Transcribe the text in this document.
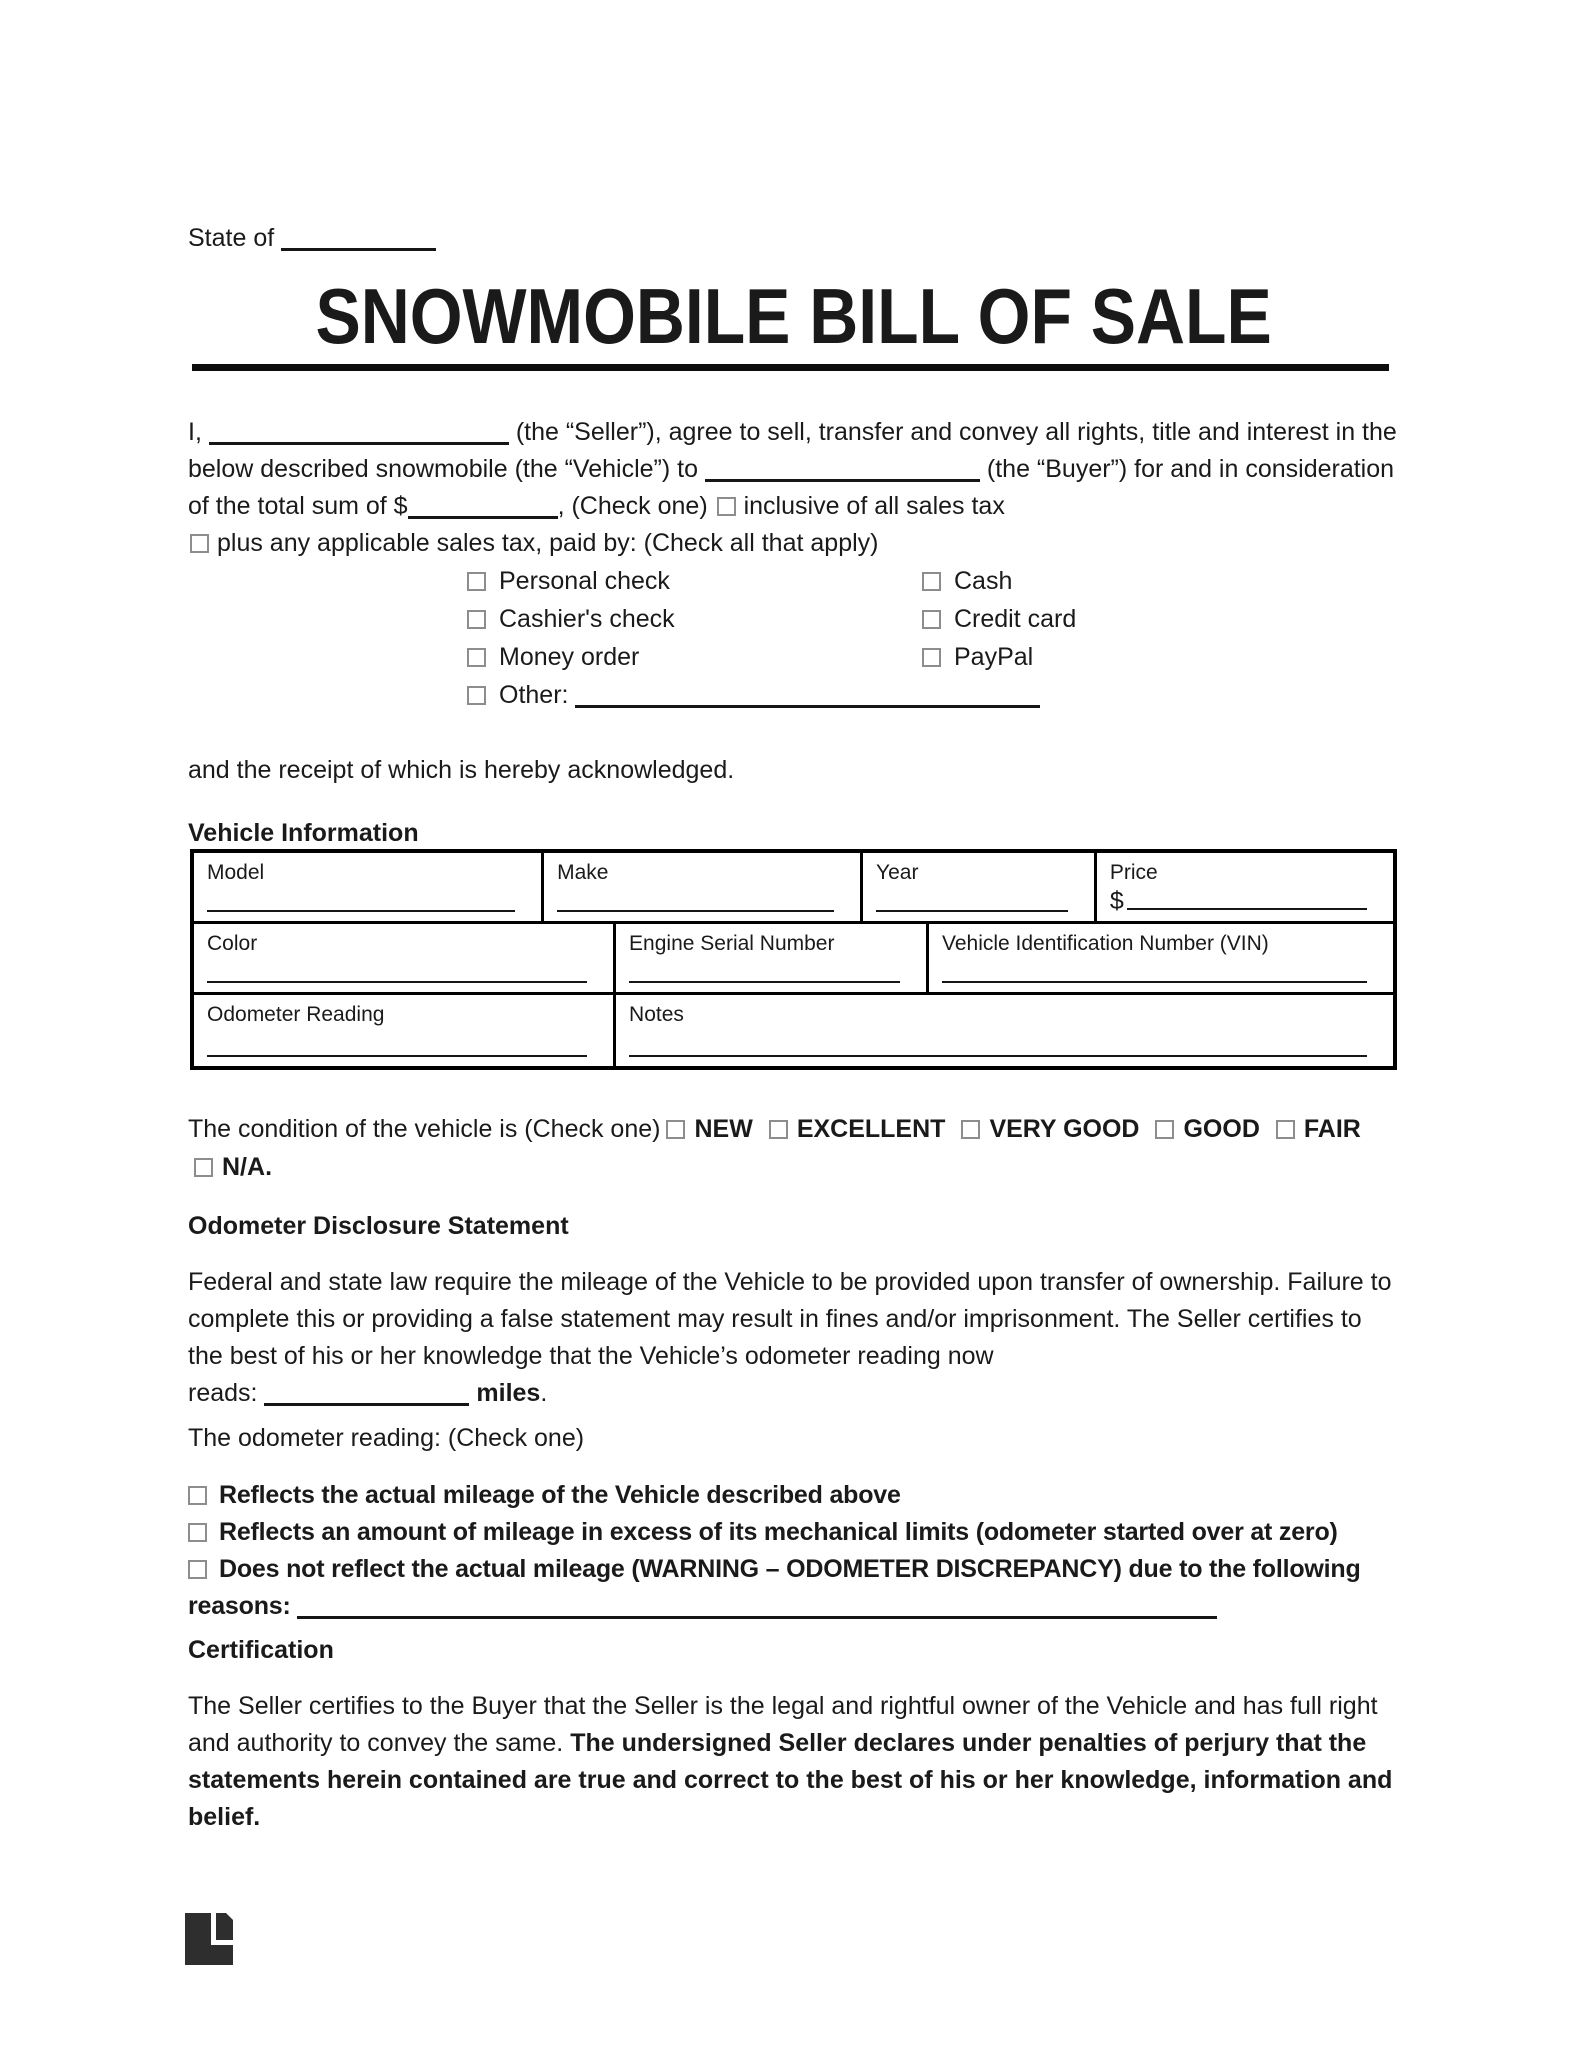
State of
SNOWMOBILE BILL OF SALE
I,	(the “Seller”), agree to sell, transfer and convey all rights, title and interest in the below described snowmobile (the “Vehicle”) to	(the “Buyer”) for and in consideration of the total sum of $	, (Check one) inclusive of all sales tax
plus any applicable sales tax, paid by: (Check all that apply)
Personal check	Cash
Cashier's check	Credit card
Money order	PayPal
Other:
and the receipt of which is hereby acknowledged.
Vehicle Information
Model	Make	Year	Price
$
Color	Engine Serial Number	Vehicle Identification Number (VIN)
Odometer Reading	Notes
The condition of the vehicle is (Check one) NEW EXCELLENT VERY GOOD GOOD FAIRN/A.
Odometer Disclosure Statement
Federal and state law require the mileage of the Vehicle to be provided upon transfer of ownership. Failure to complete this or providing a false statement may result in fines and/or imprisonment. The Seller certifies to the best of his or her knowledge that the Vehicle’s odometer reading now
reads:	miles.
The odometer reading: (Check one)
Reflects the actual mileage of the Vehicle described above
Reflects an amount of mileage in excess of its mechanical limits (odometer started over at zero)
Does not reflect the actual mileage (WARNING – ODOMETER DISCREPANCY) due to the following reasons:
Certification
The Seller certifies to the Buyer that the Seller is the legal and rightful owner of the Vehicle and has full right and authority to convey the same. The undersigned Seller declares under penalties of perjury that the statements herein contained are true and correct to the best of his or her knowledge, information and belief.
